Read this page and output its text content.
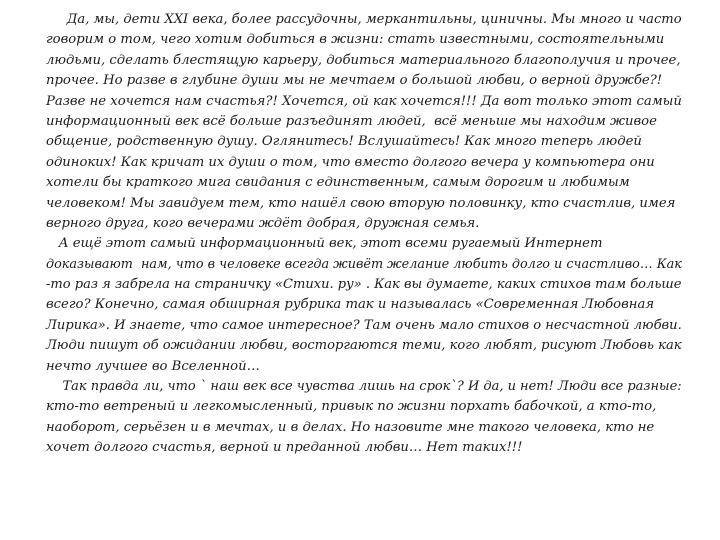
Да, мы, дети XXI века, более рассудочны, меркантильны, циничны. Мы много и часто
говорим о том, чего хотим добиться в жизни: стать известными, состоятельными
людьми, сделать блестящую карьеру, добиться материального благополучия и прочее,
прочее. Но разве в глубине души мы не мечтаем о большой любви, о верной дружбе?!
Разве не хочется нам счастья?! Хочется, ой как хочется!!! Да вот только этот самый
информационный век всё больше разъединят людей,  всё меньше мы находим живое
общение, родственную душу. Оглянитесь! Вслушайтесь! Как много теперь людей
одиноких! Как кричат их души о том, что вместо долгого вечера у компьютера они
хотели бы краткого мига свидания с единственным, самым дорогим и любимым
человеком! Мы завидуем тем, кто нашёл свою вторую половинку, кто счастлив, имея
верного друга, кого вечерами ждёт добрая, дружная семья.
А ещё этот самый информационный век, этот всеми ругаемый Интернет
доказывают  нам, что в человеке всегда живёт желание любить долго и счастливо… Как
-то раз я забрела на страничку «Стихи. ру» . Как вы думаете, каких стихов там больше
всего? Конечно, самая обширная рубрика так и называлась «Современная Любовная
Лирика». И знаете, что самое интересное? Там очень мало стихов о несчастной любви.
Люди пишут об ожидании любви, восторгаются теми, кого любят, рисуют Любовь как
нечто лучшее во Вселенной…
Так правда ли, что ` наш век все чувства лишь на срок`? И да, и нет! Люди все разные:
кто-то ветреный и легкомысленный, привык по жизни порхать бабочкой, а кто-то,
наоборот, серьёзен и в мечтах, и в делах. Но назовите мне такого человека, кто не
хочет долгого счастья, верной и преданной любви… Нет таких!!!
